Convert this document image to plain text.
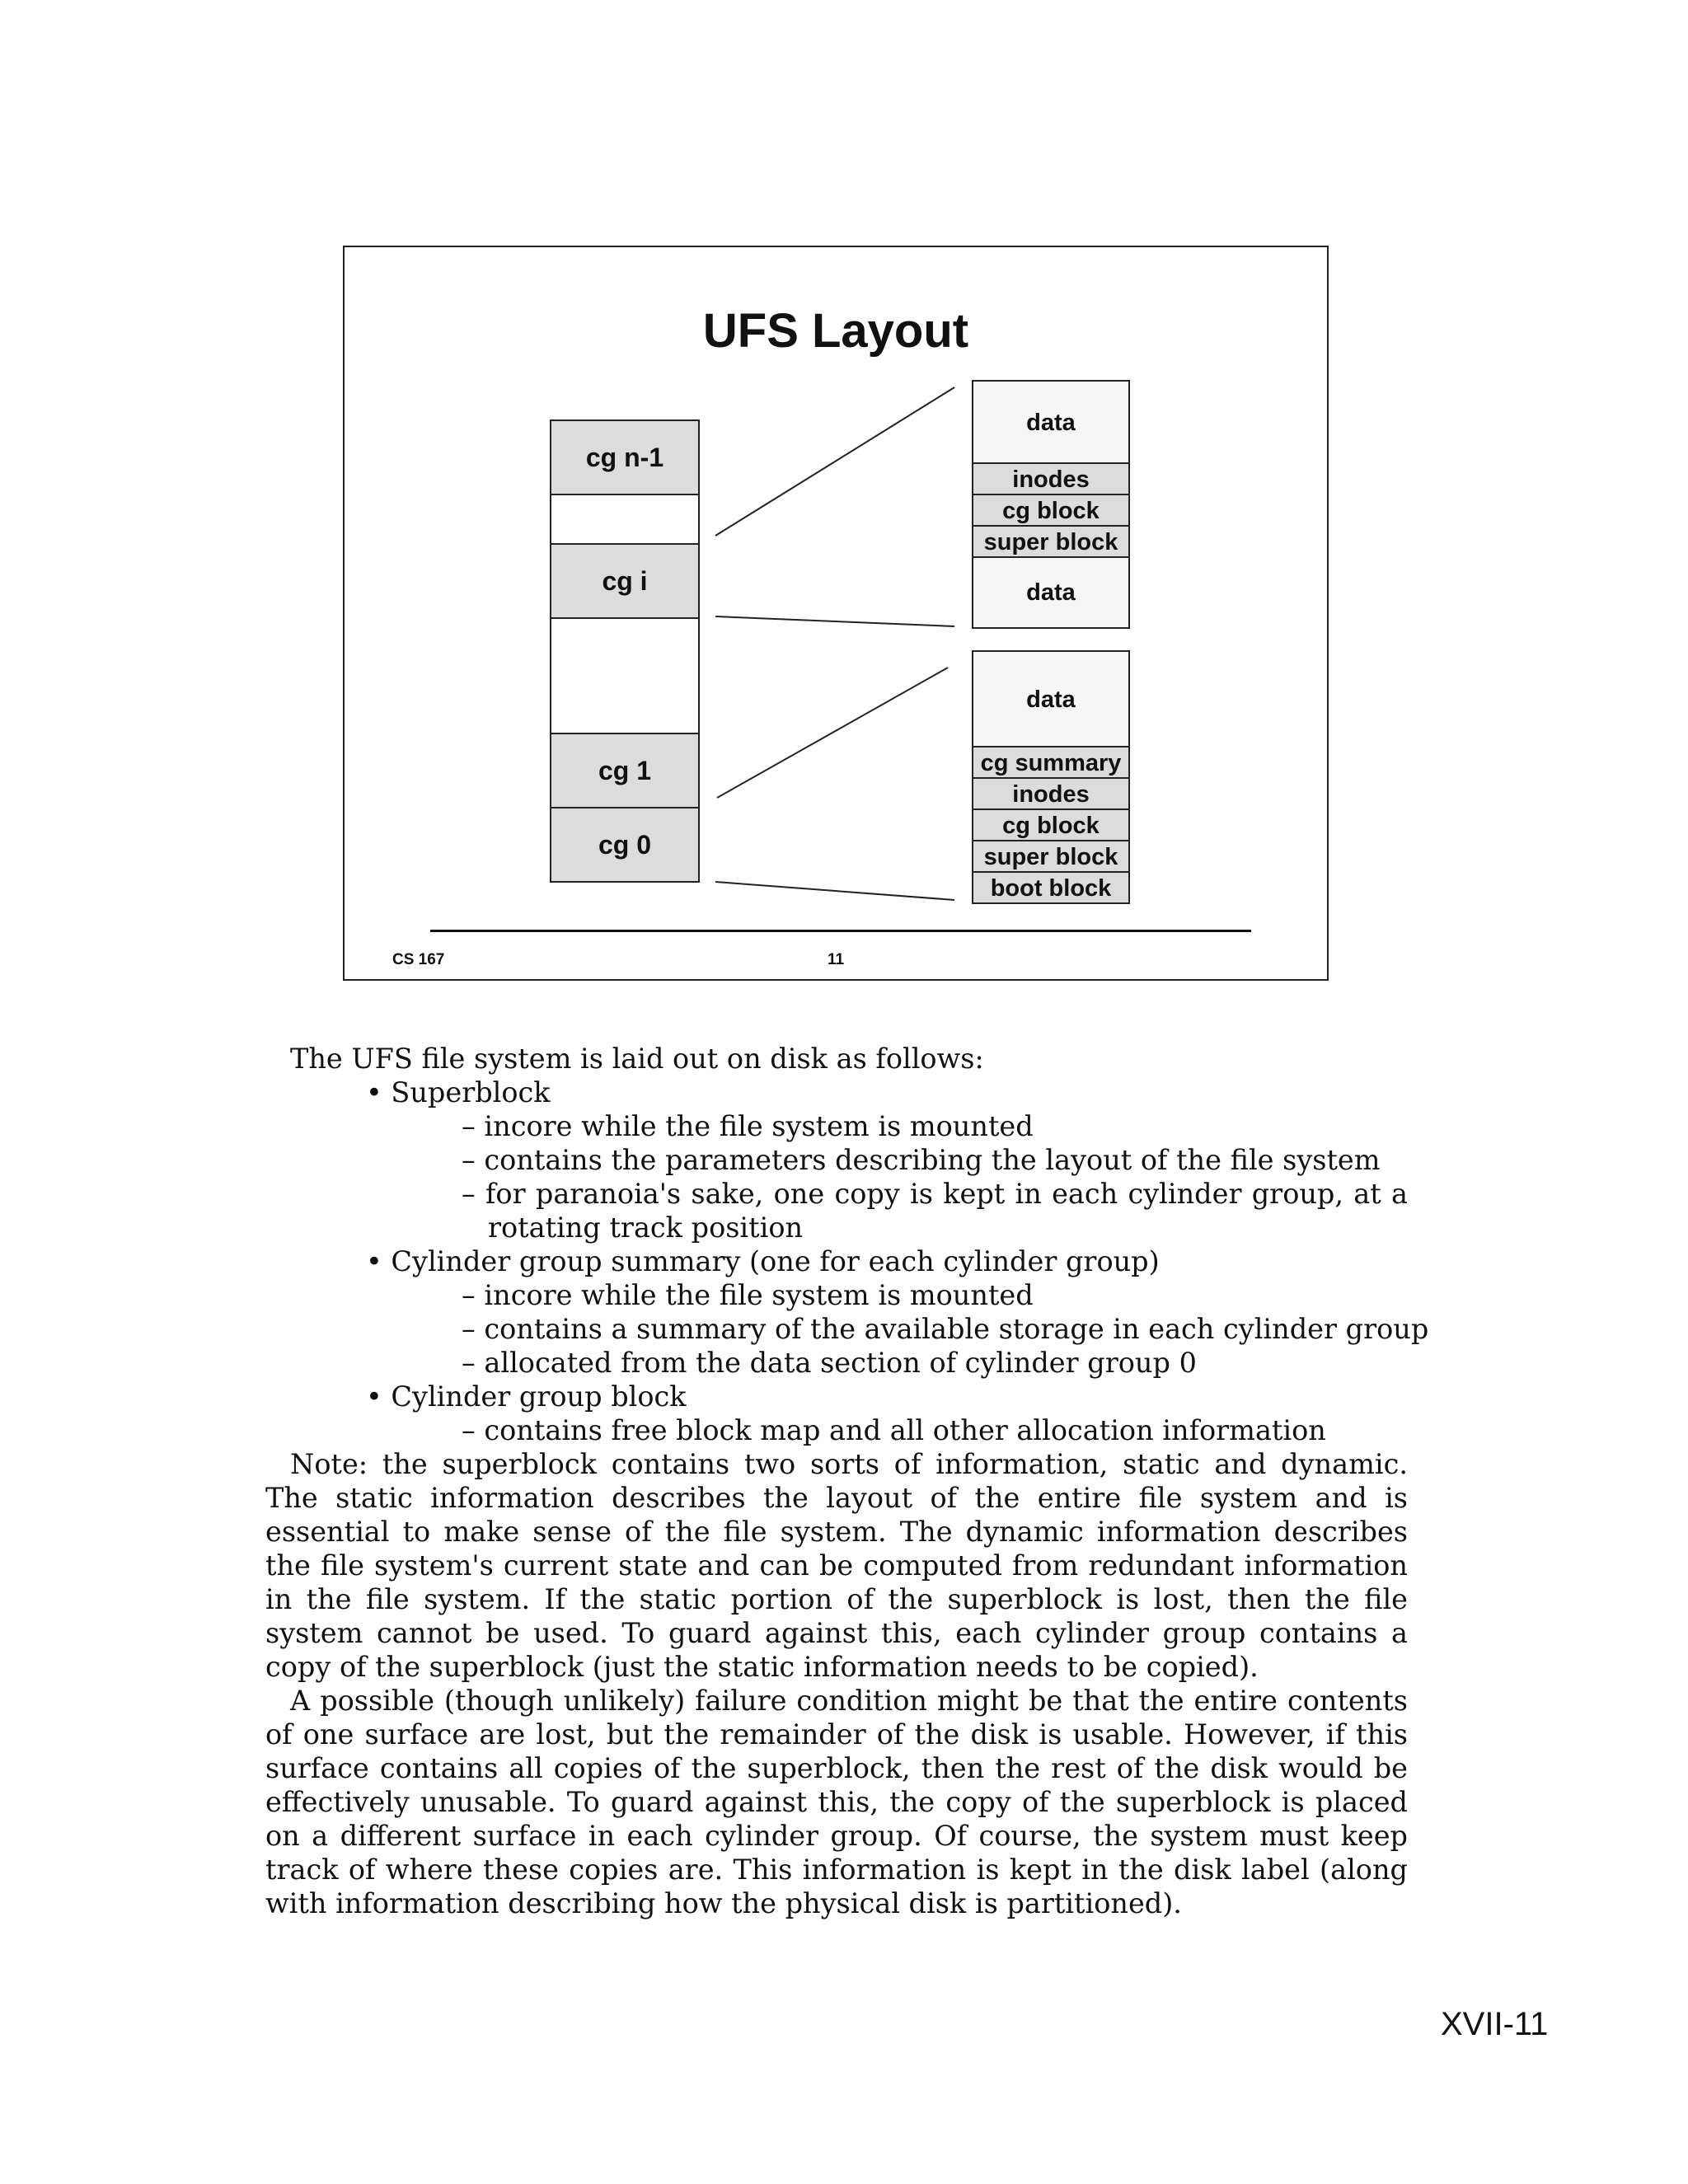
UFS Layout
cg n-1
cg i
cg 1
cg 0
data
inodes
cg block
super block
data
data
cg summary
inodes
cg block
super block
boot block
CS 167	11
The UFS file system is laid out on disk as follows:
• Superblock
– incore while the file system is mounted
– contains the parameters describing the layout of the file system
– for paranoia's sake, one copy is kept in each cylinder group, at a
rotating track position
• Cylinder group summary (one for each cylinder group)
– incore while the file system is mounted
– contains a summary of the available storage in each cylinder group
– allocated from the data section of cylinder group 0
• Cylinder group block
– contains free block map and all other allocation information

Note: the superblock contains two sorts of information, static and dynamic. The static information describes the layout of the entire file system and is essential to make sense of the file system. The dynamic information describes the file system's current state and can be computed from redundant information in the file system. If the static portion of the superblock is lost, then the file system cannot be used. To guard against this, each cylinder group contains a copy of the superblock (just the static information needs to be copied).

A possible (though unlikely) failure condition might be that the entire contents of one surface are lost, but the remainder of the disk is usable. However, if this surface contains all copies of the superblock, then the rest of the disk would be effectively unusable. To guard against this, the copy of the superblock is placed on a different surface in each cylinder group. Of course, the system must keep track of where these copies are. This information is kept in the disk label (along with information describing how the physical disk is partitioned).

XVII-11
